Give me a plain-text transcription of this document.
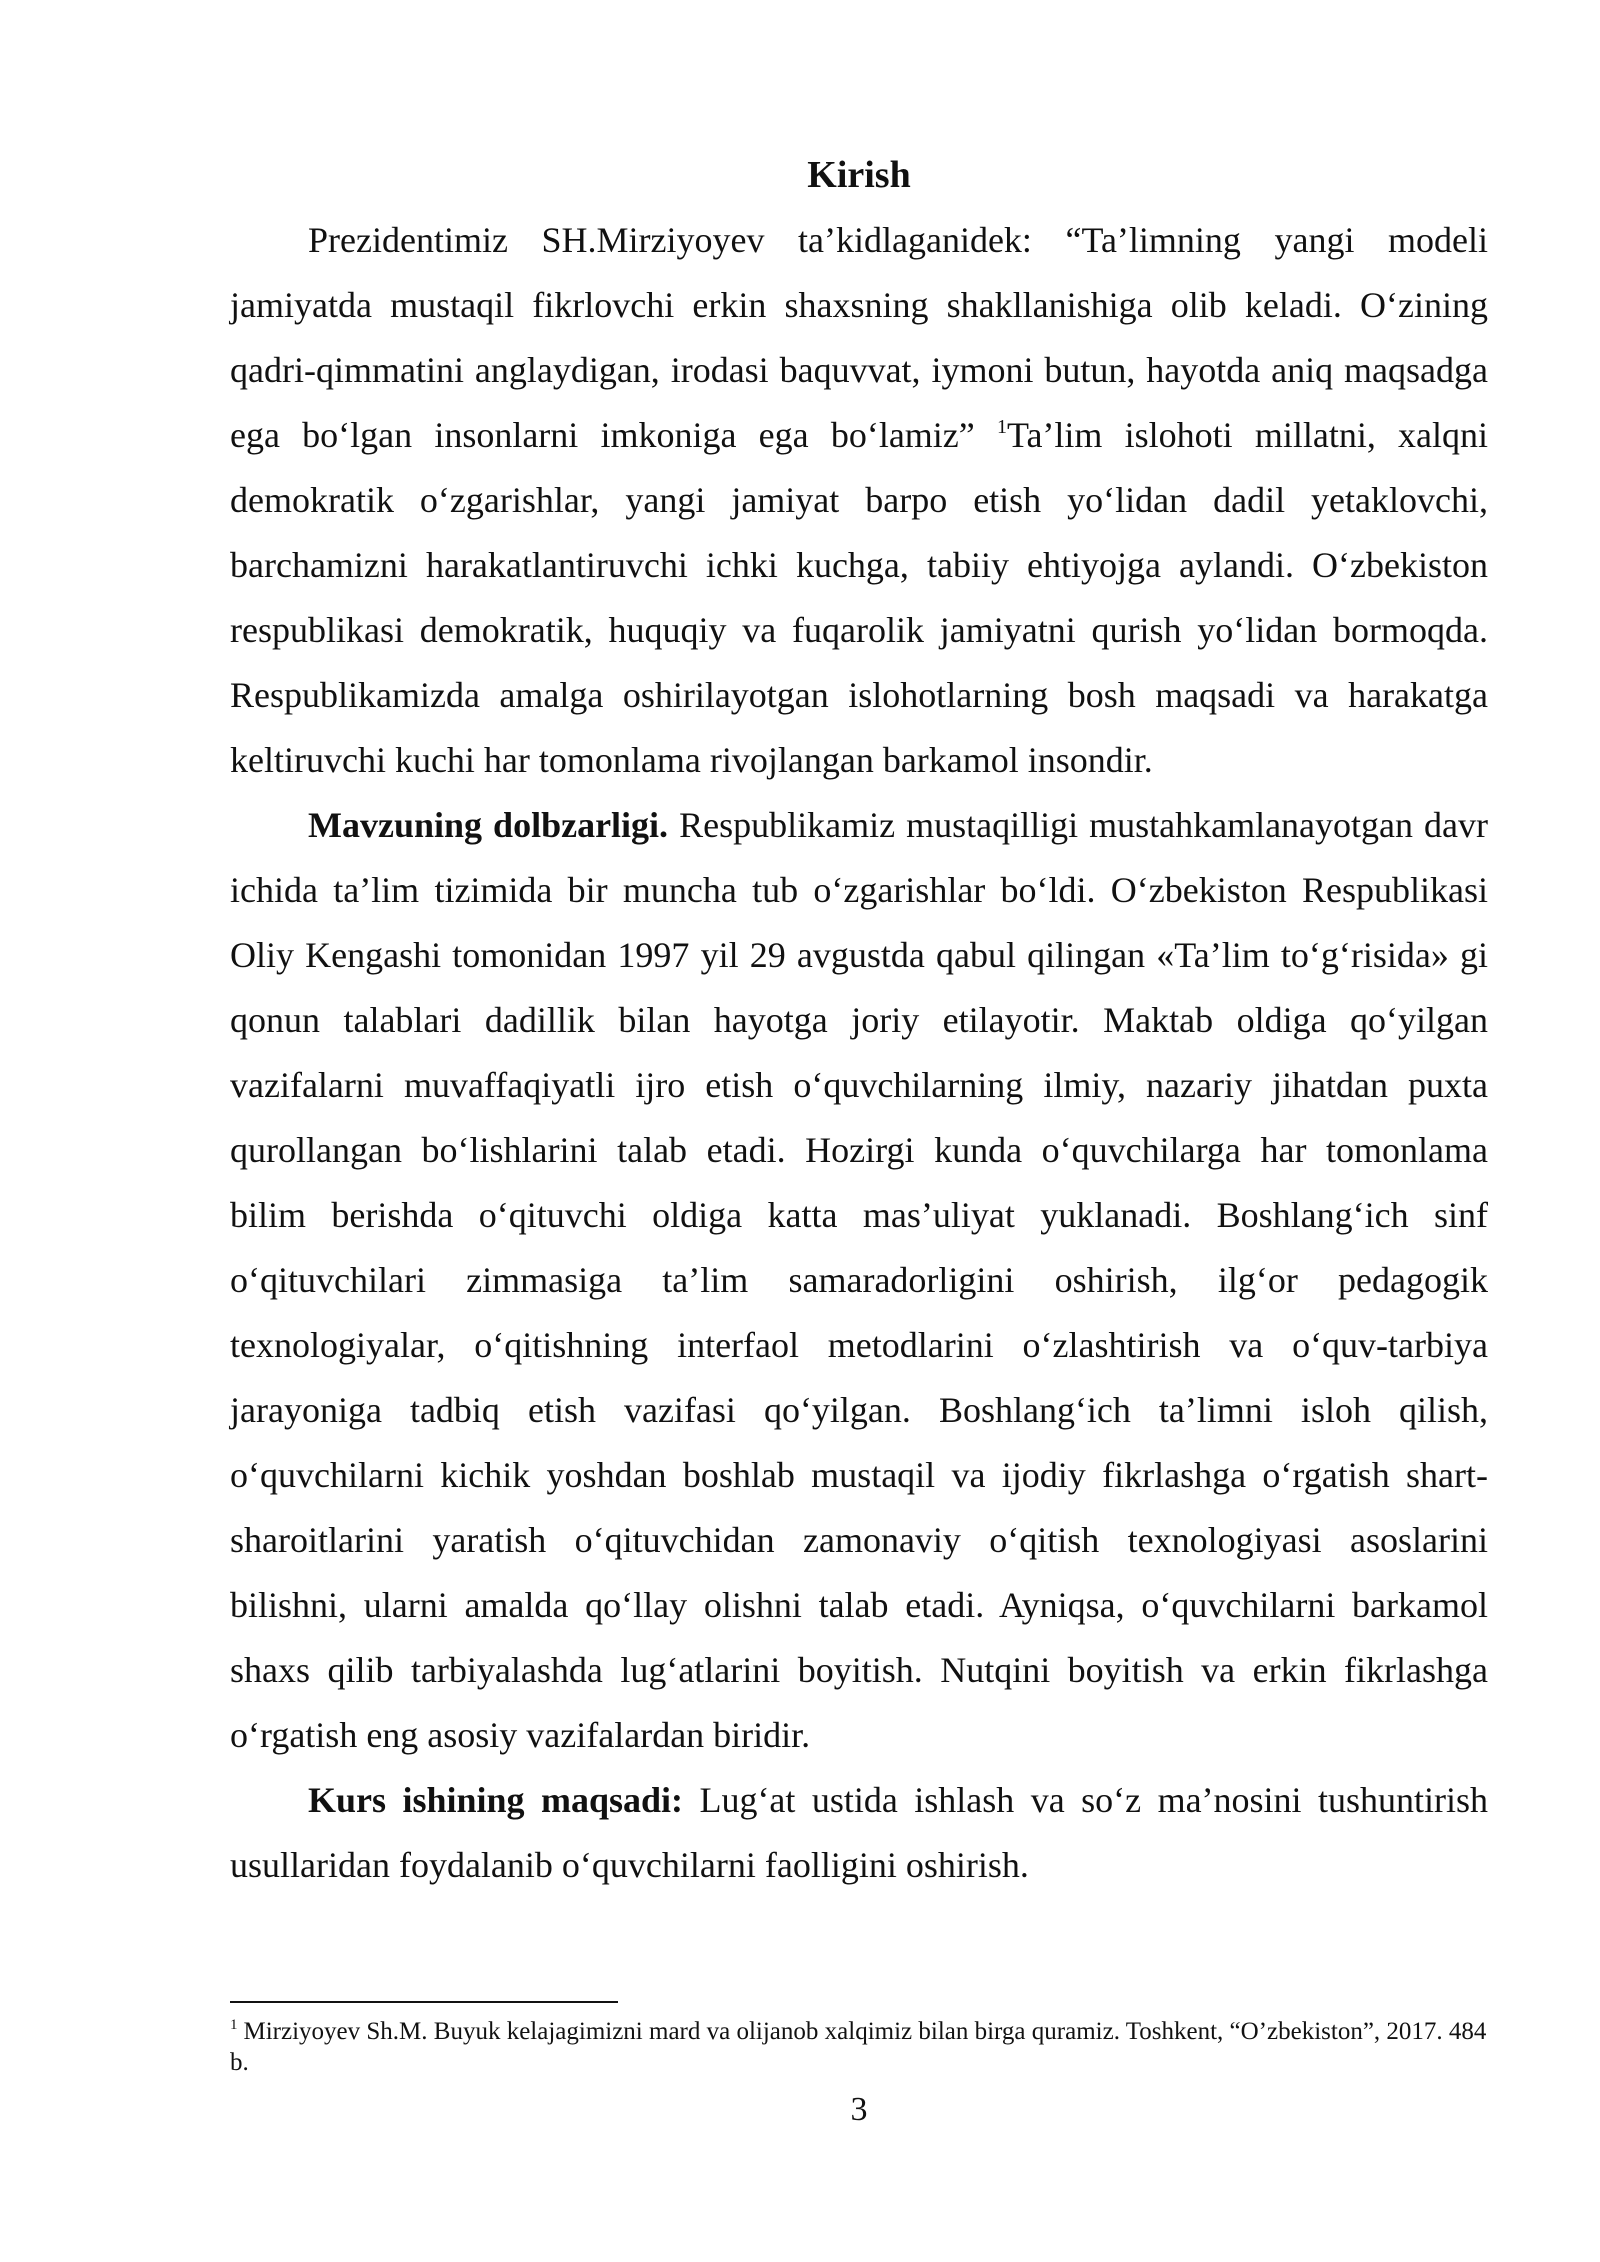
Kirish

Prezidentimiz SH.Mirziyoyev ta’kidlaganidek: “Ta’limning yangi modeli jamiyatda mustaqil fikrlovchi erkin shaxsning shakllanishiga olib keladi. O‘zining qadri-qimmatini anglaydigan, irodasi baquvvat, iymoni butun, hayotda aniq maqsadga ega bo‘lgan insonlarni imkoniga ega bo‘lamiz” $^1$Ta’lim islohoti millatni, xalqni demokratik o‘zgarishlar, yangi jamiyat barpo etish yo‘lidan dadil yetaklovchi, barchamizni harakatlantiruvchi ichki kuchga, tabiiy ehtiyojga aylandi. O‘zbekiston respublikasi demokratik, huquqiy va fuqarolik jamiyatni qurish yo‘lidan bormoqda. Respublikamizda amalga oshirilayotgan islohotlarning bosh maqsadi va harakatga keltiruvchi kuchi har tomonlama rivojlangan barkamol insondir.

Mavzuning dolbzarligi. Respublikamiz mustaqilligi mustahkamlanayotgan davr ichida ta’lim tizimida bir muncha tub o‘zgarishlar bo‘ldi. O‘zbekiston Respublikasi Oliy Kengashi tomonidan 1997 yil 29 avgustda qabul qilingan «Ta’lim to‘g‘risida» gi qonun talablari dadillik bilan hayotga joriy etilayotir. Maktab oldiga qo‘yilgan vazifalarni muvaffaqiyatli ijro etish o‘quvchilarning ilmiy, nazariy jihatdan puxta qurollangan bo‘lishlarini talab etadi. Hozirgi kunda o‘quvchilarga har tomonlama bilim berishda o‘qituvchi oldiga katta mas’uliyat yuklanadi. Boshlang‘ich sinf o‘qituvchilari zimmasiga ta’lim samaradorligini oshirish, ilg‘or pedagogik texnologiyalar, o‘qitishning interfaol metodlarini o‘zlashtirish va o‘quv-tarbiya jarayoniga tadbiq etish vazifasi qo‘yilgan. Boshlang‘ich ta’limni isloh qilish, o‘quvchilarni kichik yoshdan boshlab mustaqil va ijodiy fikrlashga o‘rgatish shart-sharoitlarini yaratish o‘qituvchidan zamonaviy o‘qitish texnologiyasi asoslarini bilishni, ularni amalda qo‘llay olishni talab etadi. Ayniqsa, o‘quvchilarni barkamol shaxs qilib tarbiyalashda lug‘atlarini boyitish. Nutqini boyitish va erkin fikrlashga o‘rgatish eng asosiy vazifalardan biridir.

Kurs ishining maqsadi: Lug‘at ustida ishlash va so‘z ma’nosini tushuntirish usullaridan foydalanib o‘quvchilarni faolligini oshirish.

$^1$ Mirziyoyev Sh.M. Buyuk kelajagimizni mard va olijanob xalqimiz bilan birga quramiz. Toshkent, “O’zbekiston”, 2017. 484 b.

3
